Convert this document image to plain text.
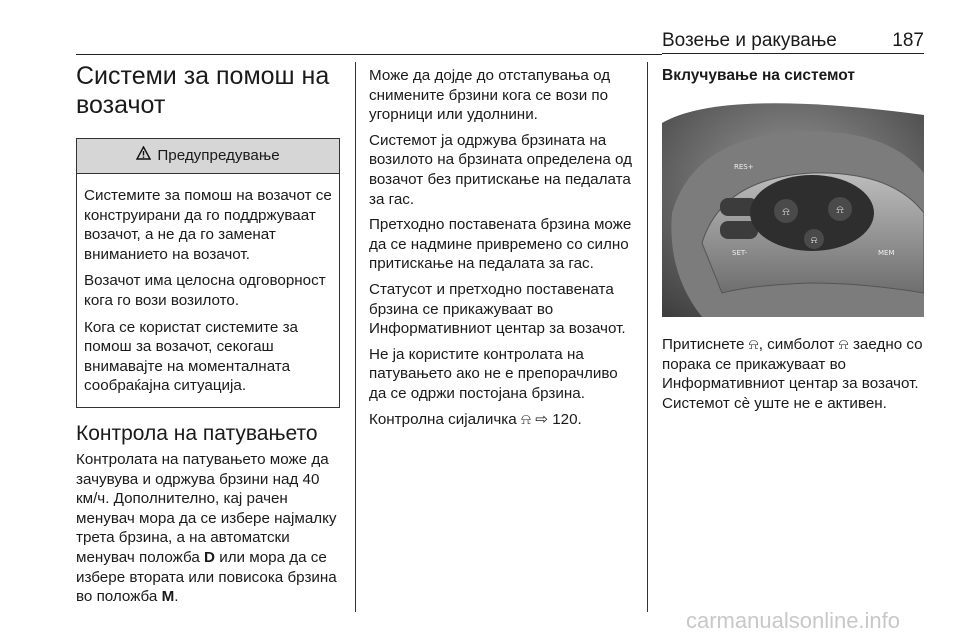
Возење и ракување	187
Системи за помош на возачот
Предупредување

Системите за помош на возачот се конструирани да го поддржуваат возачот, а не да го заменат вниманието на возачот.

Возачот има целосна одговорност кога го вози возилото.

Кога се користат системите за помош за возачот, секогаш внимавајте на моменталната сообраќајна ситуација.

Контрола на патувањето

Контролата на патувањето може да зачувува и одржува брзини над 40 км/ч. Дополнително, кај рачен менувач мора да се избере најмалку трета брзина, а на автоматски менувач положба D или мора да се избере втората или повисока брзина во положба M.

Може да дојде до отстапувања од снимените брзини кога се вози по угорници или удолнини.

Системот ја одржува брзината на возилото на брзината определена од возачот без притискање на педалата за гас.

Претходно поставената брзина може да се надмине привремено со силно притискање на педалата за гас.

Статусот и претходно поставената брзина се прикажуваат во Информативниот центар за возачот.

Не ја користите контролата на патувањето ако не е препорачливо да се одржи постојана брзина.

Контролна сијаличка ⍾ ⇨ 120.

Вклучување на системот
⍾	⍾
⍾
RES+
SET-	MEM

Притиснете ⍾, симболот ⍾ заедно со порака се прикажуваат во Информативниот центар за возачот. Системот сè уште не е активен.

carmanualsonline.info
